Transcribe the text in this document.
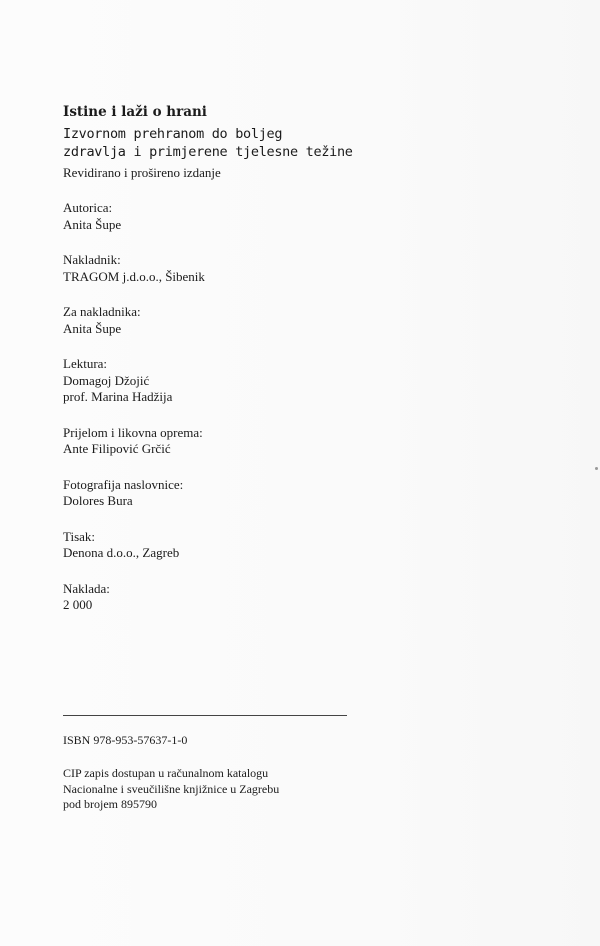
Istine i laži o hrani
Izvornom prehranom do boljeg
zdravlja i primjerene tjelesne težine
Revidirano i prošireno izdanje
Autorica:
Anita Šupe
Nakladnik:
TRAGOM j.d.o.o., Šibenik
Za nakladnika:
Anita Šupe
Lektura:
Domagoj Džojić
prof. Marina Hadžija
Prijelom i likovna oprema:
Ante Filipović Grčić
Fotografija naslovnice:
Dolores Bura
Tisak:
Denona d.o.o., Zagreb
Naklada:
2 000
ISBN 978-953-57637-1-0
CIP zapis dostupan u računalnom katalogu
Nacionalne i sveučilišne knjižnice u Zagrebu
pod brojem 895790
